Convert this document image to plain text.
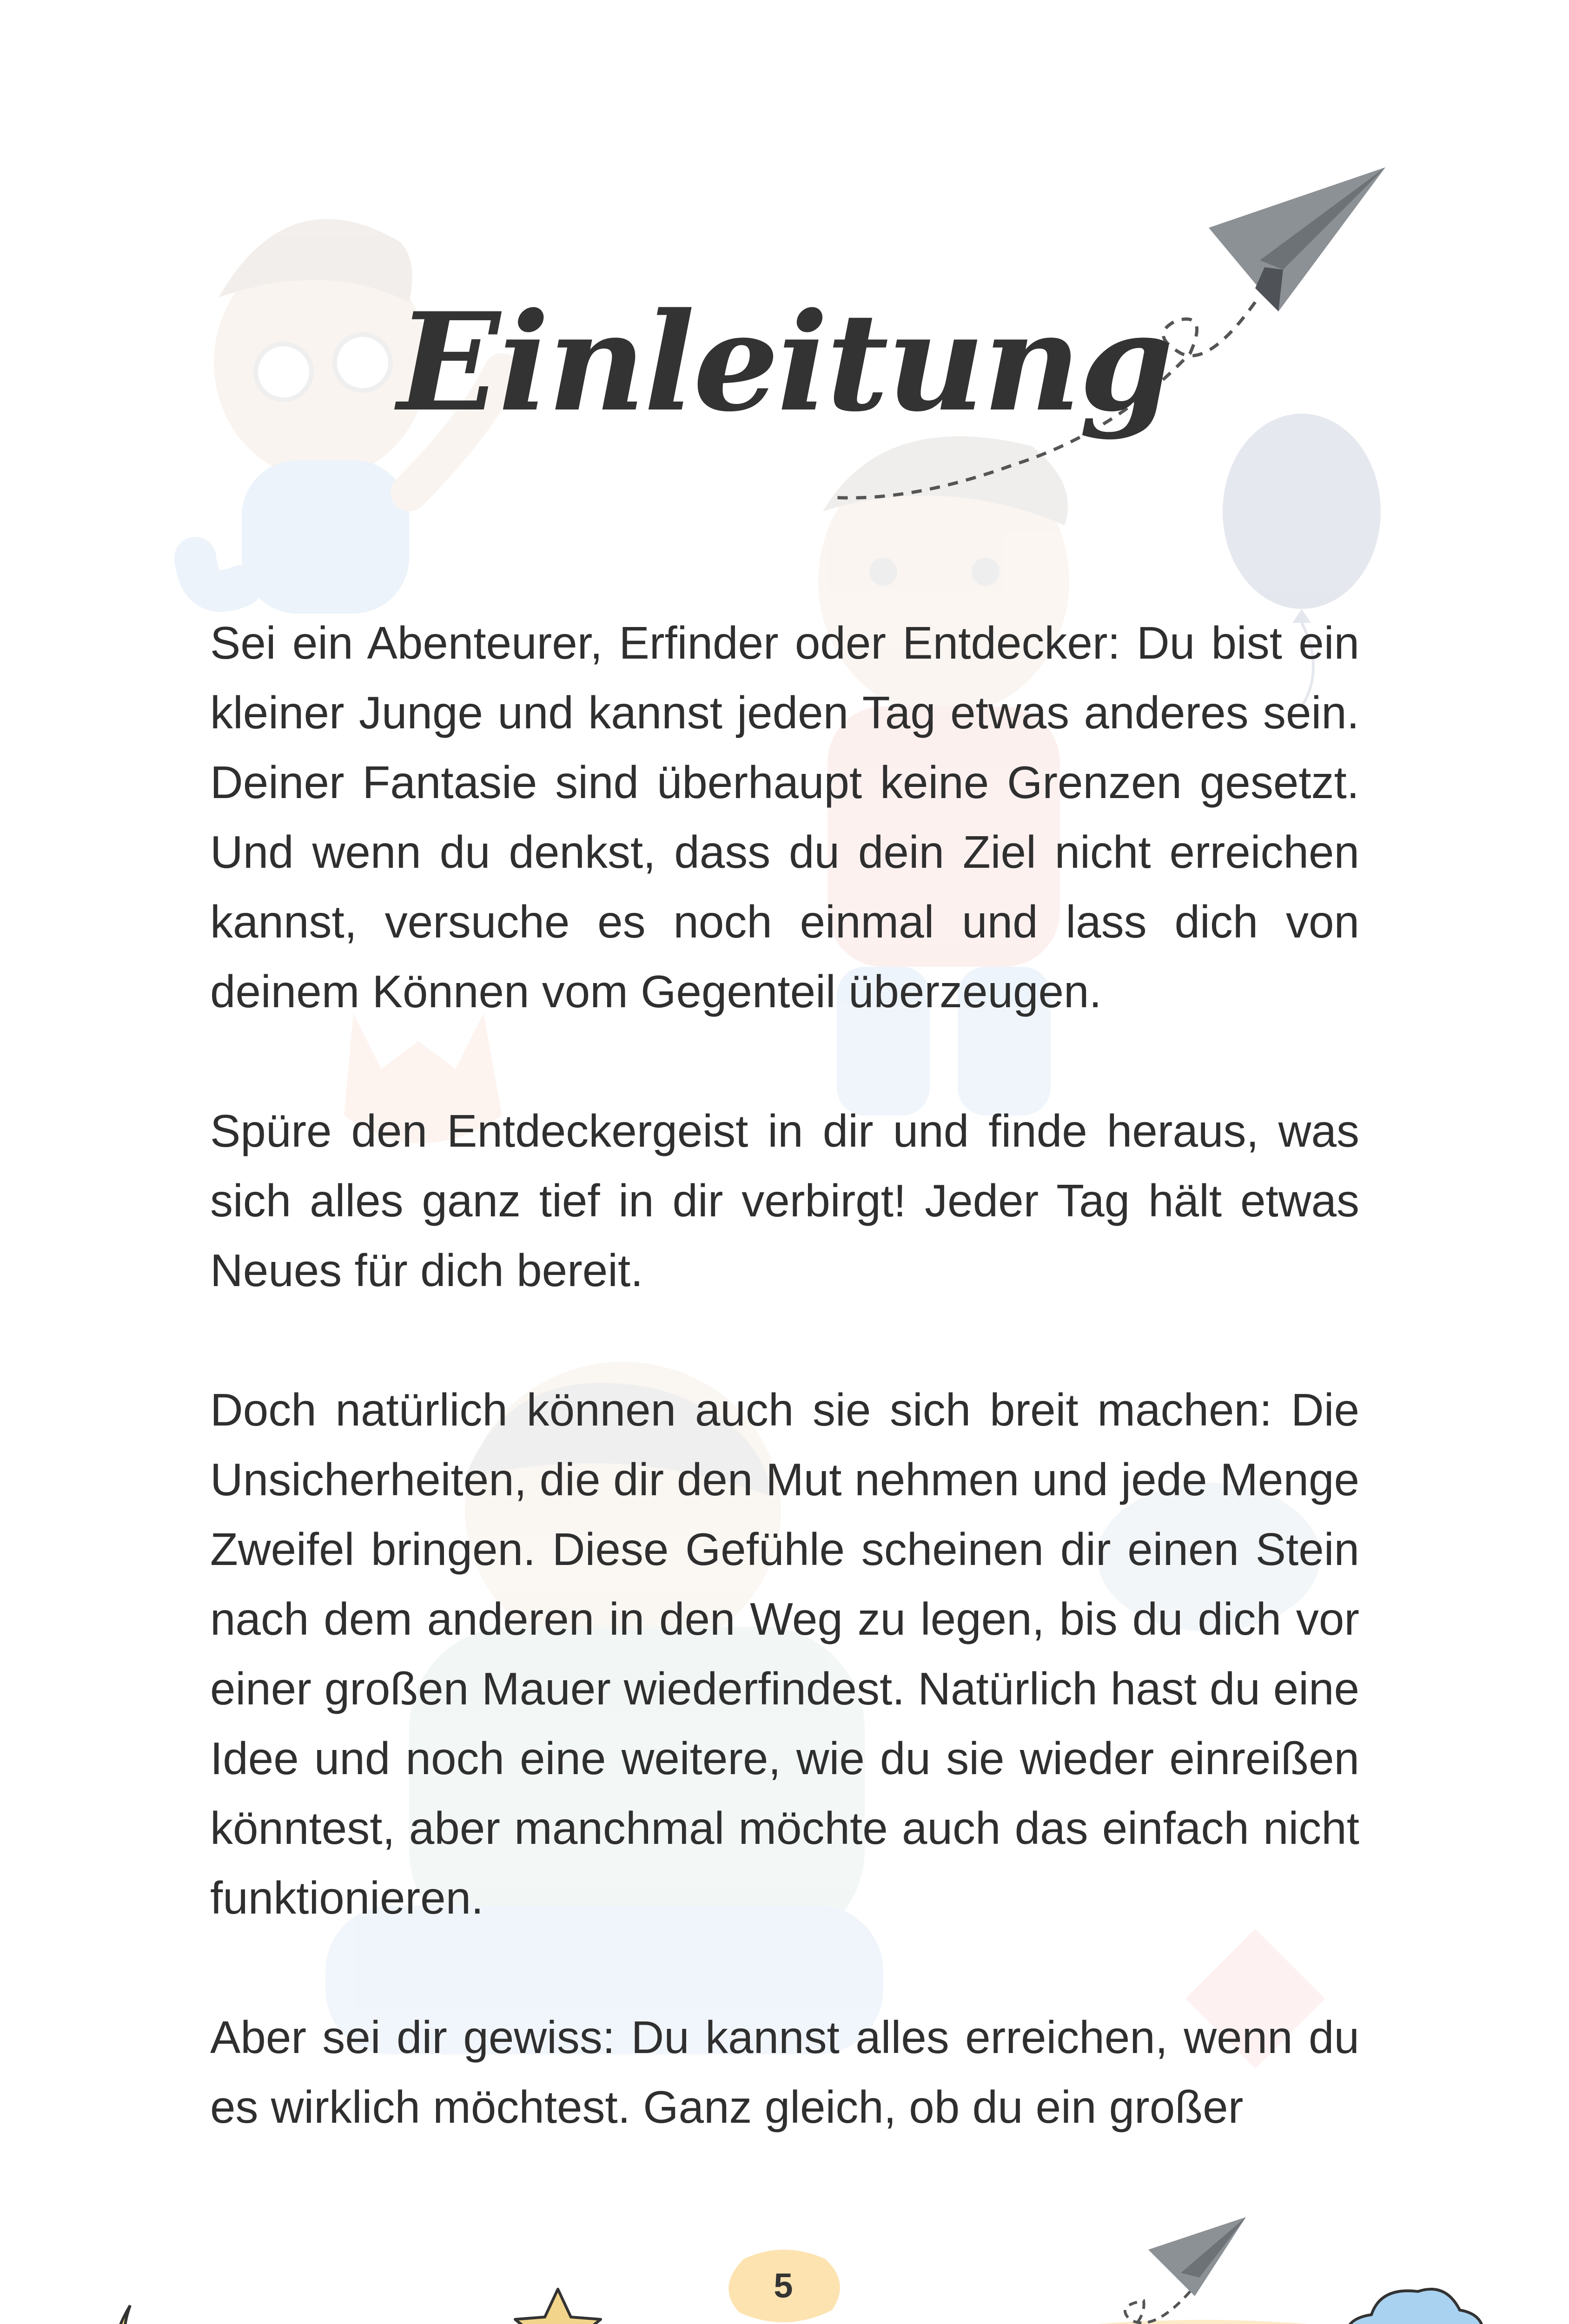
Einleitung

Sei ein Abenteurer, Erfinder oder Entdecker: Du bist ein kleiner Junge und kannst jeden Tag etwas anderes sein. Deiner Fantasie sind überhaupt keine Grenzen gesetzt. Und wenn du denkst, dass du dein Ziel nicht erreichen kannst, versuche es noch einmal und lass dich von deinem Können vom Gegenteil überzeugen.

Spüre den Entdeckergeist in dir und finde heraus, was sich alles ganz tief in dir verbirgt! Jeder Tag hält etwas Neues für dich bereit.

Doch natürlich können auch sie sich breit machen: Die Unsicherheiten, die dir den Mut nehmen und jede Menge Zweifel bringen. Diese Gefühle scheinen dir einen Stein nach dem anderen in den Weg zu legen, bis du dich vor einer großen Mauer wiederfindest. Natürlich hast du eine Idee und noch eine weitere, wie du sie wieder einreißen könntest, aber manchmal möchte auch das einfach nicht funktionieren.

Aber sei dir gewiss: Du kannst alles erreichen, wenn du es wirklich möchtest. Ganz gleich, ob du ein großer

5
